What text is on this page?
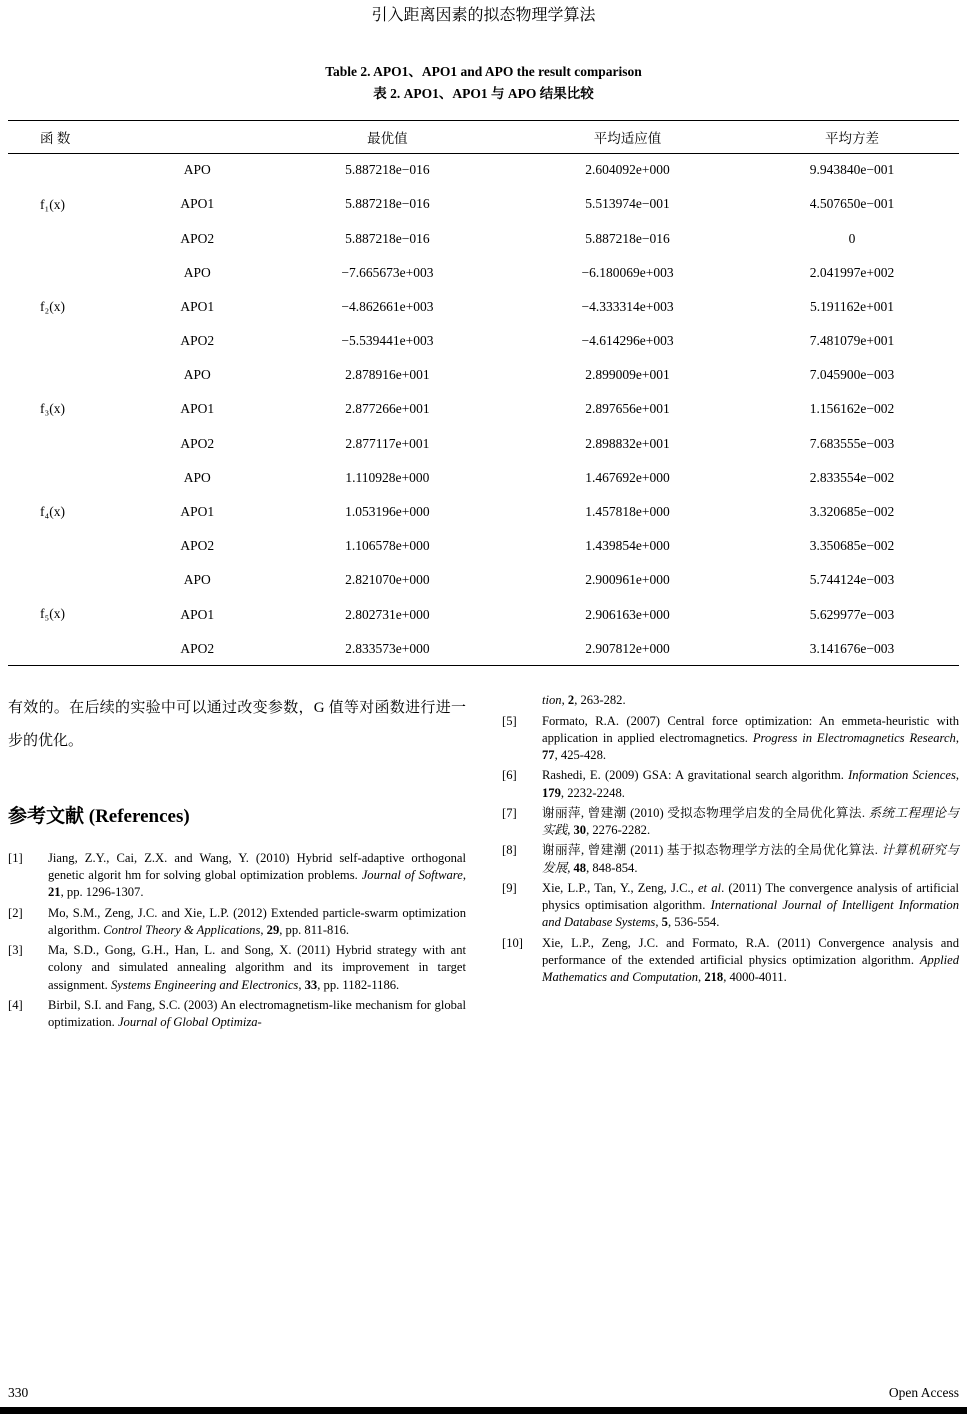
引入距离因素的拟态物理学算法
Table 2. APO1、APO1 and APO the result comparison
表 2. APO1、APO1 与 APO 结果比较
函 数		最优值	平均适应值	平均方差
f₁(x)	APO	5.887218e−016	2.604092e+000	9.943840e−001
	APO1	5.887218e−016	5.513974e−001	4.507650e−001
	APO2	5.887218e−016	5.887218e−016	0
f₂(x)	APO	−7.665673e+003	−6.180069e+003	2.041997e+002
	APO1	−4.862661e+003	−4.333314e+003	5.191162e+001
	APO2	−5.539441e+003	−4.614296e+003	7.481079e+001
f₃(x)	APO	2.878916e+001	2.899009e+001	7.045900e−003
	APO1	2.877266e+001	2.897656e+001	1.156162e−002
	APO2	2.877117e+001	2.898832e+001	7.683555e−003
f₄(x)	APO	1.110928e+000	1.467692e+000	2.833554e−002
	APO1	1.053196e+000	1.457818e+000	3.320685e−002
	APO2	1.106578e+000	1.439854e+000	3.350685e−002
f₅(x)	APO	2.821070e+000	2.900961e+000	5.744124e−003
	APO1	2.802731e+000	2.906163e+000	5.629977e−003
	APO2	2.833573e+000	2.907812e+000	3.141676e−003

有效的。在后续的实验中可以通过改变参数，G 值等对函数进行进一步的优化。

参考文献 (References)
[1]	Jiang, Z.Y., Cai, Z.X. and Wang, Y. (2010) Hybrid self-adaptive orthogonal genetic algorit hm for solving global optimization problems. Journal of Software, 21, pp. 1296-1307.
[2]	Mo, S.M., Zeng, J.C. and Xie, L.P. (2012) Extended particle-swarm optimization algorithm. Control Theory & Applications, 29, pp. 811-816.
[3]	Ma, S.D., Gong, G.H., Han, L. and Song, X. (2011) Hybrid strategy with ant colony and simulated annealing algorithm and its improvement in target assignment. Systems Engineering and Electronics, 33, pp. 1182-1186.
[4]	Birbil, S.I. and Fang, S.C. (2003) An electromagnetism-like mechanism for global optimization. Journal of Global Optimiza-
tion, 2, 263-282.
[5]	Formato, R.A. (2007) Central force optimization: An emmeta-heuristic with application in applied electromagnetics. Progress in Electromagnetics Research, 77, 425-428.
[6]	Rashedi, E. (2009) GSA: A gravitational search algorithm. Information Sciences, 179, 2232-2248.
[7]	谢丽萍, 曾建潮 (2010) 受拟态物理学启发的全局优化算法. 系统工程理论与实践, 30, 2276-2282.
[8]	谢丽萍, 曾建潮 (2011) 基于拟态物理学方法的全局优化算法. 计算机研究与发展, 48, 848-854.
[9]	Xie, L.P., Tan, Y., Zeng, J.C., et al. (2011) The convergence analysis of artificial physics optimisation algorithm. International Journal of Intelligent Information and Database Systems, 5, 536-554.
[10]	Xie, L.P., Zeng, J.C. and Formato, R.A. (2011) Convergence analysis and performance of the extended artificial physics optimization algorithm. Applied Mathematics and Computation, 218, 4000-4011.
330	Open Access
